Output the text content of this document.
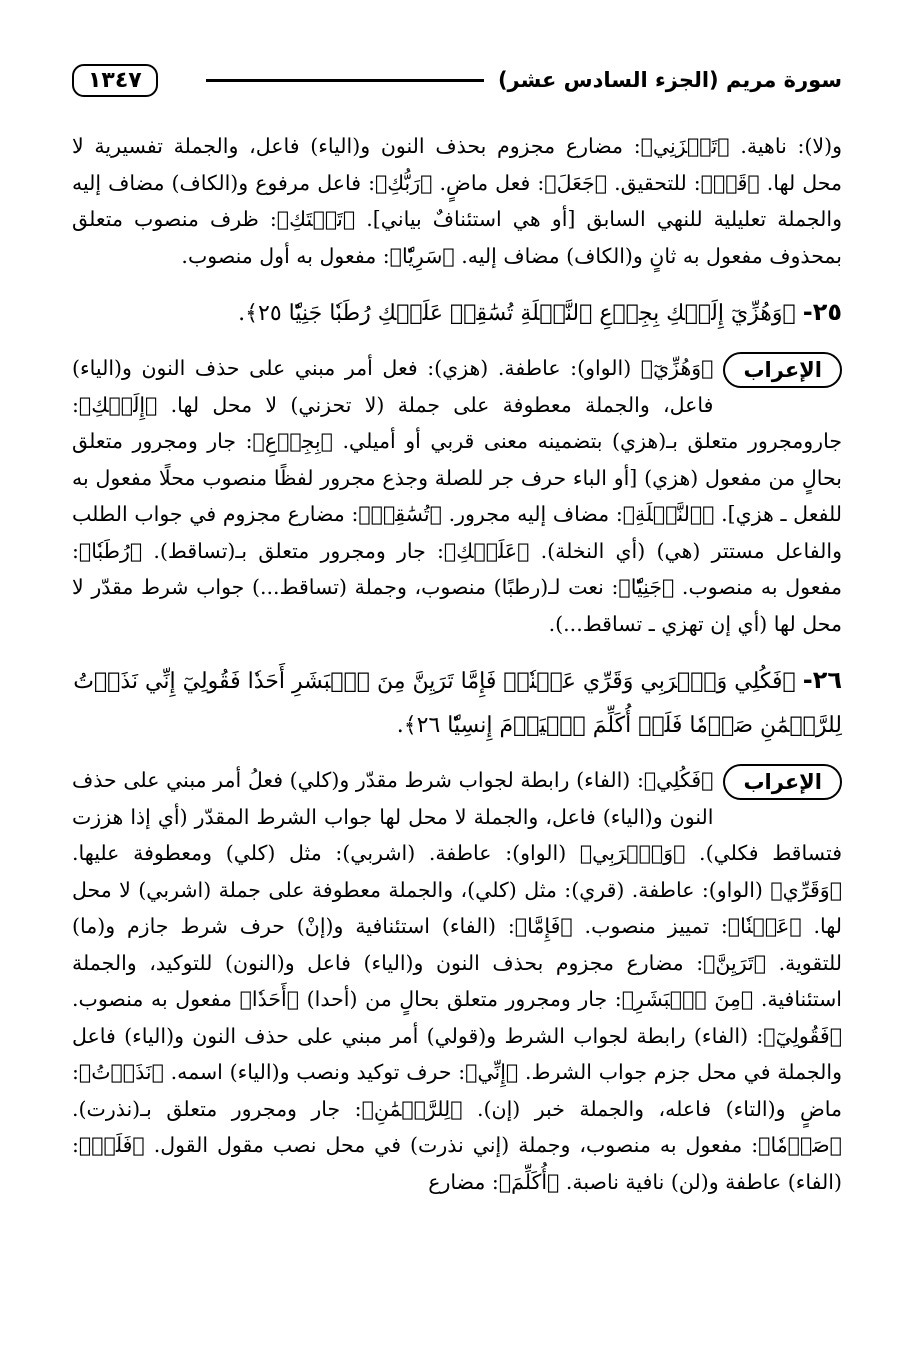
سورة مريم (الجزء السادس عشر)
١٣٤٧

و(لا): ناهية. ﴿تَحۡزَنِي﴾: مضارع مجزوم بحذف النون و(الياء) فاعل، والجملة تفسيرية لا محل لها. ﴿قَدۡ﴾: للتحقيق. ﴿جَعَلَ﴾: فعل ماضٍ. ﴿رَبُّكِ﴾: فاعل مرفوع و(الكاف) مضاف إليه والجملة تعليلية للنهي السابق [أو هي استئنافٌ بياني]. ﴿تَحۡتَكِ﴾: ظرف منصوب متعلق بمحذوف مفعول به ثانٍ و(الكاف) مضاف إليه. ﴿سَرِيّٗا﴾: مفعول به أول منصوب.

٢٥- ﴿وَهُزِّيٓ إِلَيۡكِ بِجِذۡعِ ٱلنَّخۡلَةِ تُسَٰقِطۡ عَلَيۡكِ رُطَبٗا جَنِيّٗا ٢٥﴾.

الإعراب

﴿وَهُزِّيٓ﴾ (الواو): عاطفة. (هزي): فعل أمر مبني على حذف النون و(الياء) فاعل، والجملة معطوفة على جملة (لا تحزني) لا محل لها. ﴿إِلَيۡكِ﴾: جارومجرور متعلق بـ(هزي) بتضمينه معنى قربي أو أميلي. ﴿بِجِذۡعِ﴾: جار ومجرور متعلق بحالٍ من مفعول (هزي) [أو الباء حرف جر للصلة وجذع مجرور لفظًا منصوب محلًا مفعول به للفعل ـ هزي]. ﴿ٱلنَّخۡلَةِ﴾: مضاف إليه مجرور. ﴿تُسَٰقِطۡ﴾: مضارع مجزوم في جواب الطلب والفاعل مستتر (هي) (أي النخلة). ﴿عَلَيۡكِ﴾: جار ومجرور متعلق بـ(تساقط). ﴿رُطَبٗا﴾: مفعول به منصوب. ﴿جَنِيّٗا﴾: نعت لـ(رطبًا) منصوب، وجملة (تساقط...) جواب شرط مقدّر لا محل لها (أي إن تهزي ـ تساقط...).

٢٦- ﴿فَكُلِي وَٱشۡرَبِي وَقَرِّي عَيۡنٗاۖ فَإِمَّا تَرَيِنَّ مِنَ ٱلۡبَشَرِ أَحَدٗا فَقُولِيٓ إِنِّي نَذَرۡتُ لِلرَّحۡمَٰنِ صَوۡمٗا فَلَنۡ أُكَلِّمَ ٱلۡيَوۡمَ إِنسِيّٗا ٢٦﴾.

الإعراب

﴿فَكُلِي﴾: (الفاء) رابطة لجواب شرط مقدّر و(كلي) فعلُ أمر مبني على حذف النون و(الياء) فاعل، والجملة لا محل لها جواب الشرط المقدّر (أي إذا هززت فتساقط فكلي). ﴿وَٱشۡرَبِي﴾ (الواو): عاطفة. (اشربي): مثل (كلي) ومعطوفة عليها. ﴿وَقَرِّي﴾ (الواو): عاطفة. (قري): مثل (كلي)، والجملة معطوفة على جملة (اشربي) لا محل لها. ﴿عَيۡنٗا﴾: تمييز منصوب. ﴿فَإِمَّا﴾: (الفاء) استئنافية و(إنْ) حرف شرط جازم و(ما) للتقوية. ﴿تَرَيِنَّ﴾: مضارع مجزوم بحذف النون و(الياء) فاعل و(النون) للتوكيد، والجملة استئنافية. ﴿مِنَ ٱلۡبَشَرِ﴾: جار ومجرور متعلق بحالٍ من (أحدا) ﴿أَحَدٗا﴾ مفعول به منصوب. ﴿فَقُولِيٓ﴾: (الفاء) رابطة لجواب الشرط و(قولي) أمر مبني على حذف النون و(الياء) فاعل والجملة في محل جزم جواب الشرط. ﴿إِنِّي﴾: حرف توكيد ونصب و(الياء) اسمه. ﴿نَذَرۡتُ﴾: ماضٍ و(التاء) فاعله، والجملة خبر (إن). ﴿لِلرَّحۡمَٰنِ﴾: جار ومجرور متعلق بـ(نذرت). ﴿صَوۡمٗا﴾: مفعول به منصوب، وجملة (إني نذرت) في محل نصب مقول القول. ﴿فَلَنۡ﴾: (الفاء) عاطفة و(لن) نافية ناصبة. ﴿أُكَلِّمَ﴾: مضارع
